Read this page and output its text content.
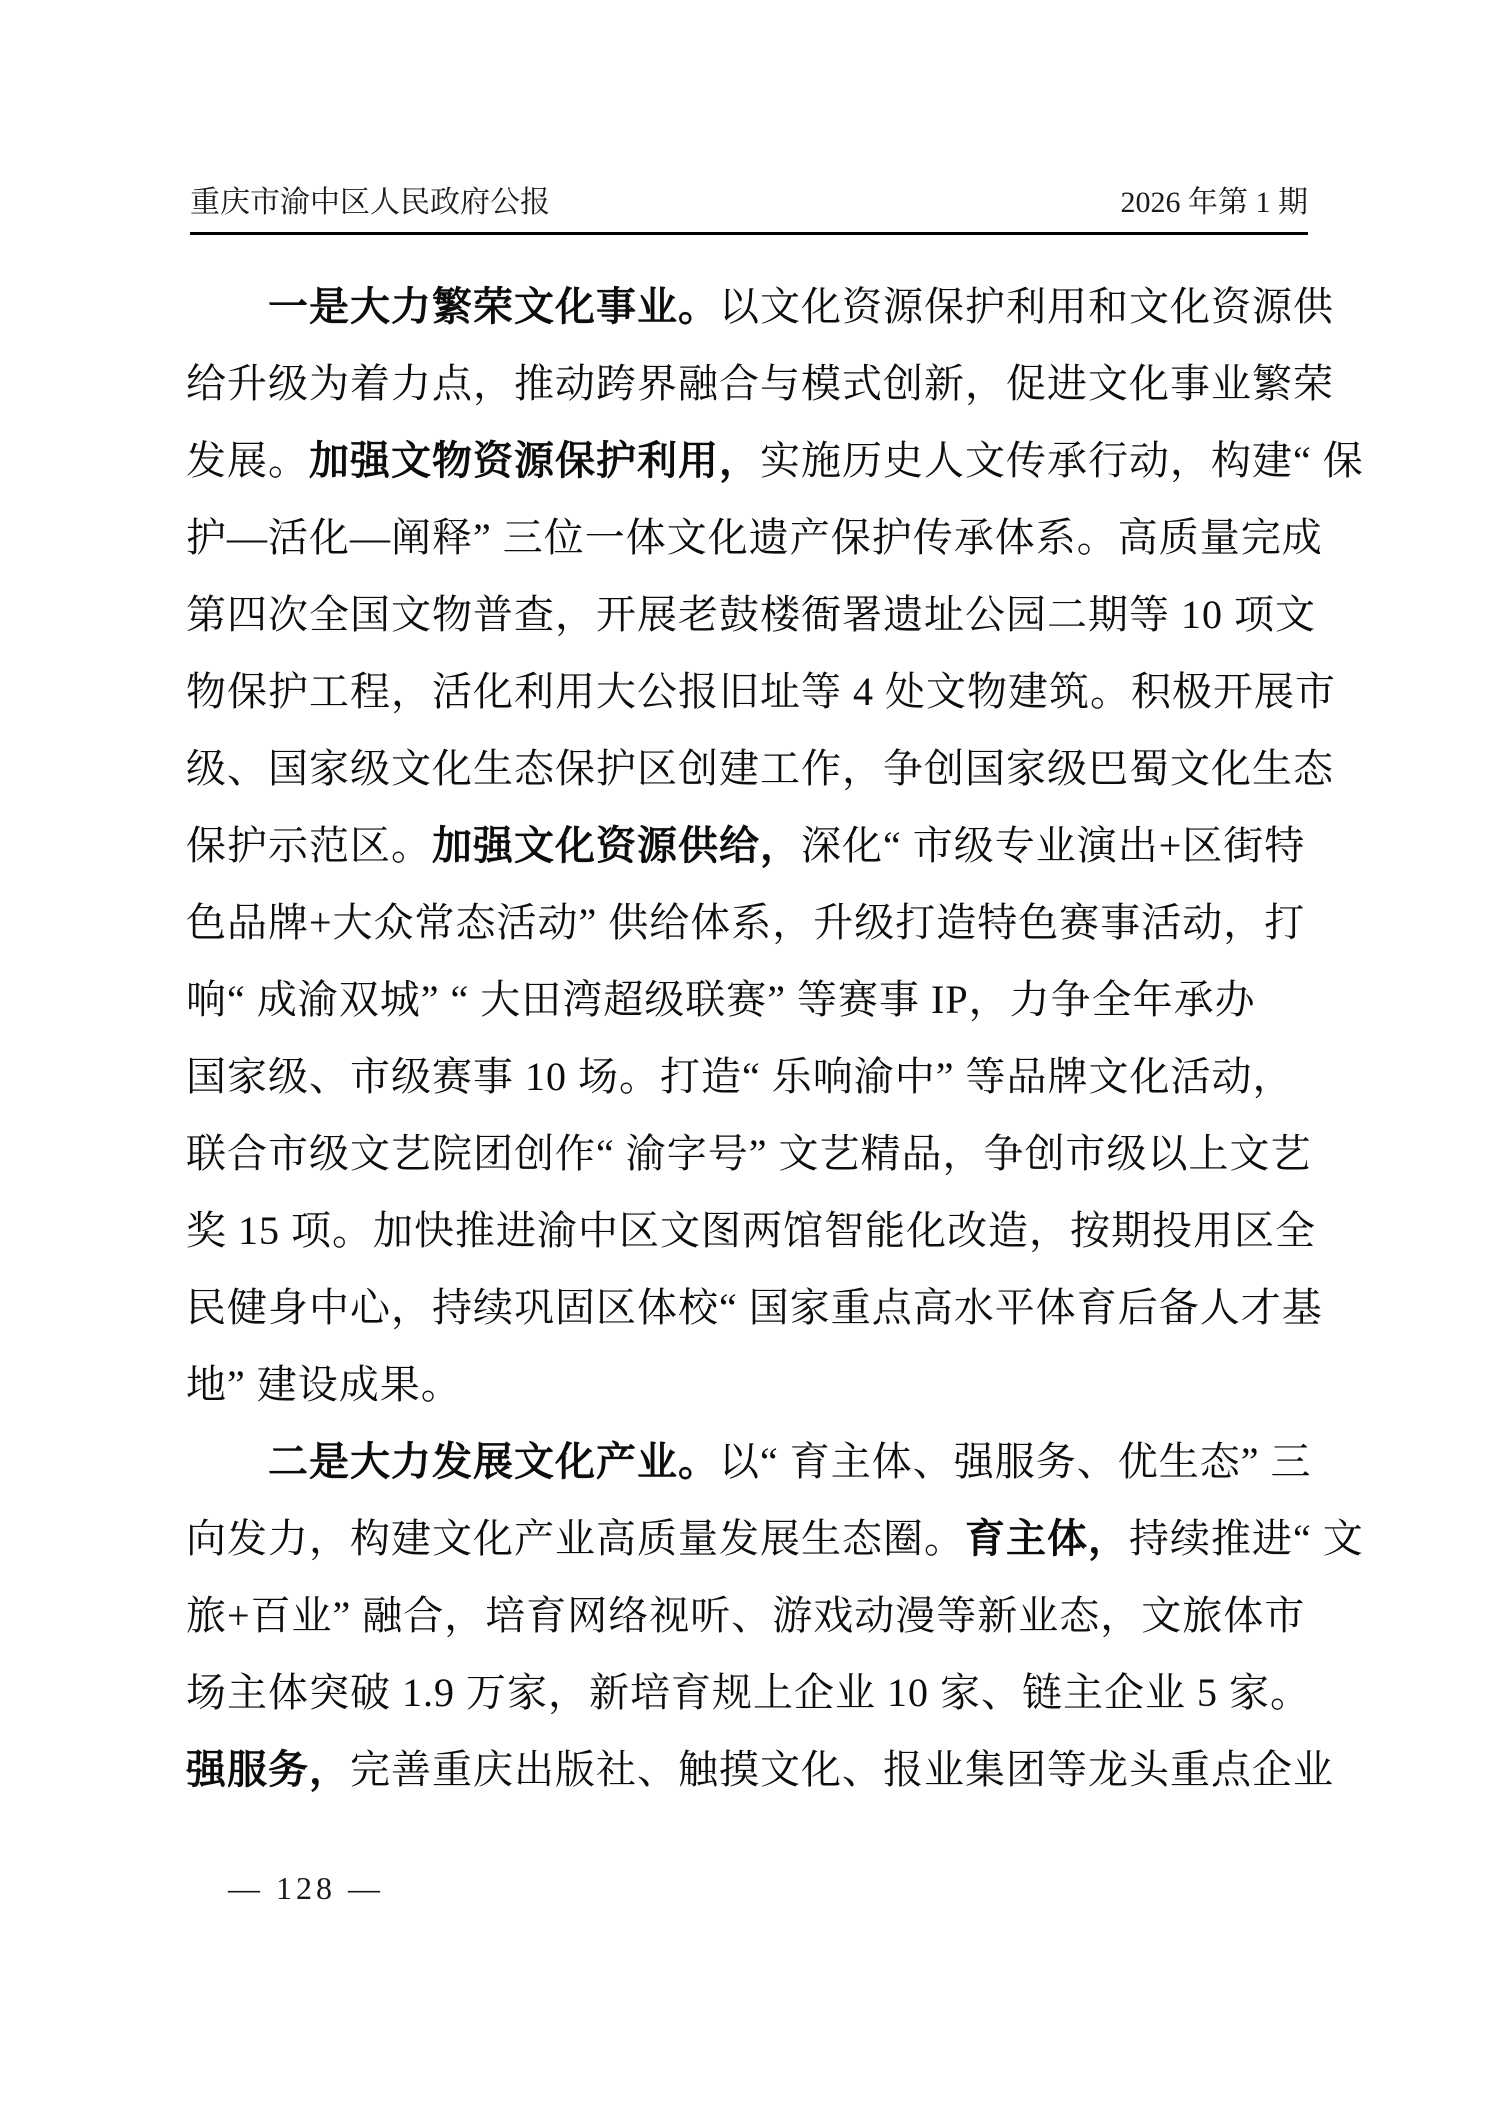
重庆市渝中区人民政府公报	2026 年第 1 期
一是大力繁荣文化事业。以文化资源保护利用和文化资源供
给升级为着力点，推动跨界融合与模式创新，促进文化事业繁荣
发展。加强文物资源保护利用，实施历史人文传承行动，构建“ 保
护—活化—阐释” 三位一体文化遗产保护传承体系。高质量完成
第四次全国文物普查，开展老鼓楼衙署遗址公园二期等 10 项文
物保护工程，活化利用大公报旧址等 4 处文物建筑。积极开展市
级、国家级文化生态保护区创建工作，争创国家级巴蜀文化生态
保护示范区。加强文化资源供给，深化“ 市级专业演出+区街特
色品牌+大众常态活动” 供给体系，升级打造特色赛事活动，打
响“ 成渝双城” “ 大田湾超级联赛” 等赛事 IP，力争全年承办
国家级、市级赛事 10 场。打造“ 乐响渝中” 等品牌文化活动，
联合市级文艺院团创作“ 渝字号” 文艺精品，争创市级以上文艺
奖 15 项。加快推进渝中区文图两馆智能化改造，按期投用区全
民健身中心，持续巩固区体校“ 国家重点高水平体育后备人才基
地” 建设成果。
二是大力发展文化产业。以“ 育主体、强服务、优生态” 三
向发力，构建文化产业高质量发展生态圈。育主体，持续推进“ 文
旅+百业” 融合，培育网络视听、游戏动漫等新业态，文旅体市
场主体突破 1.9 万家，新培育规上企业 10 家、链主企业 5 家。
强服务，完善重庆出版社、触摸文化、报业集团等龙头重点企业
— 128 —
